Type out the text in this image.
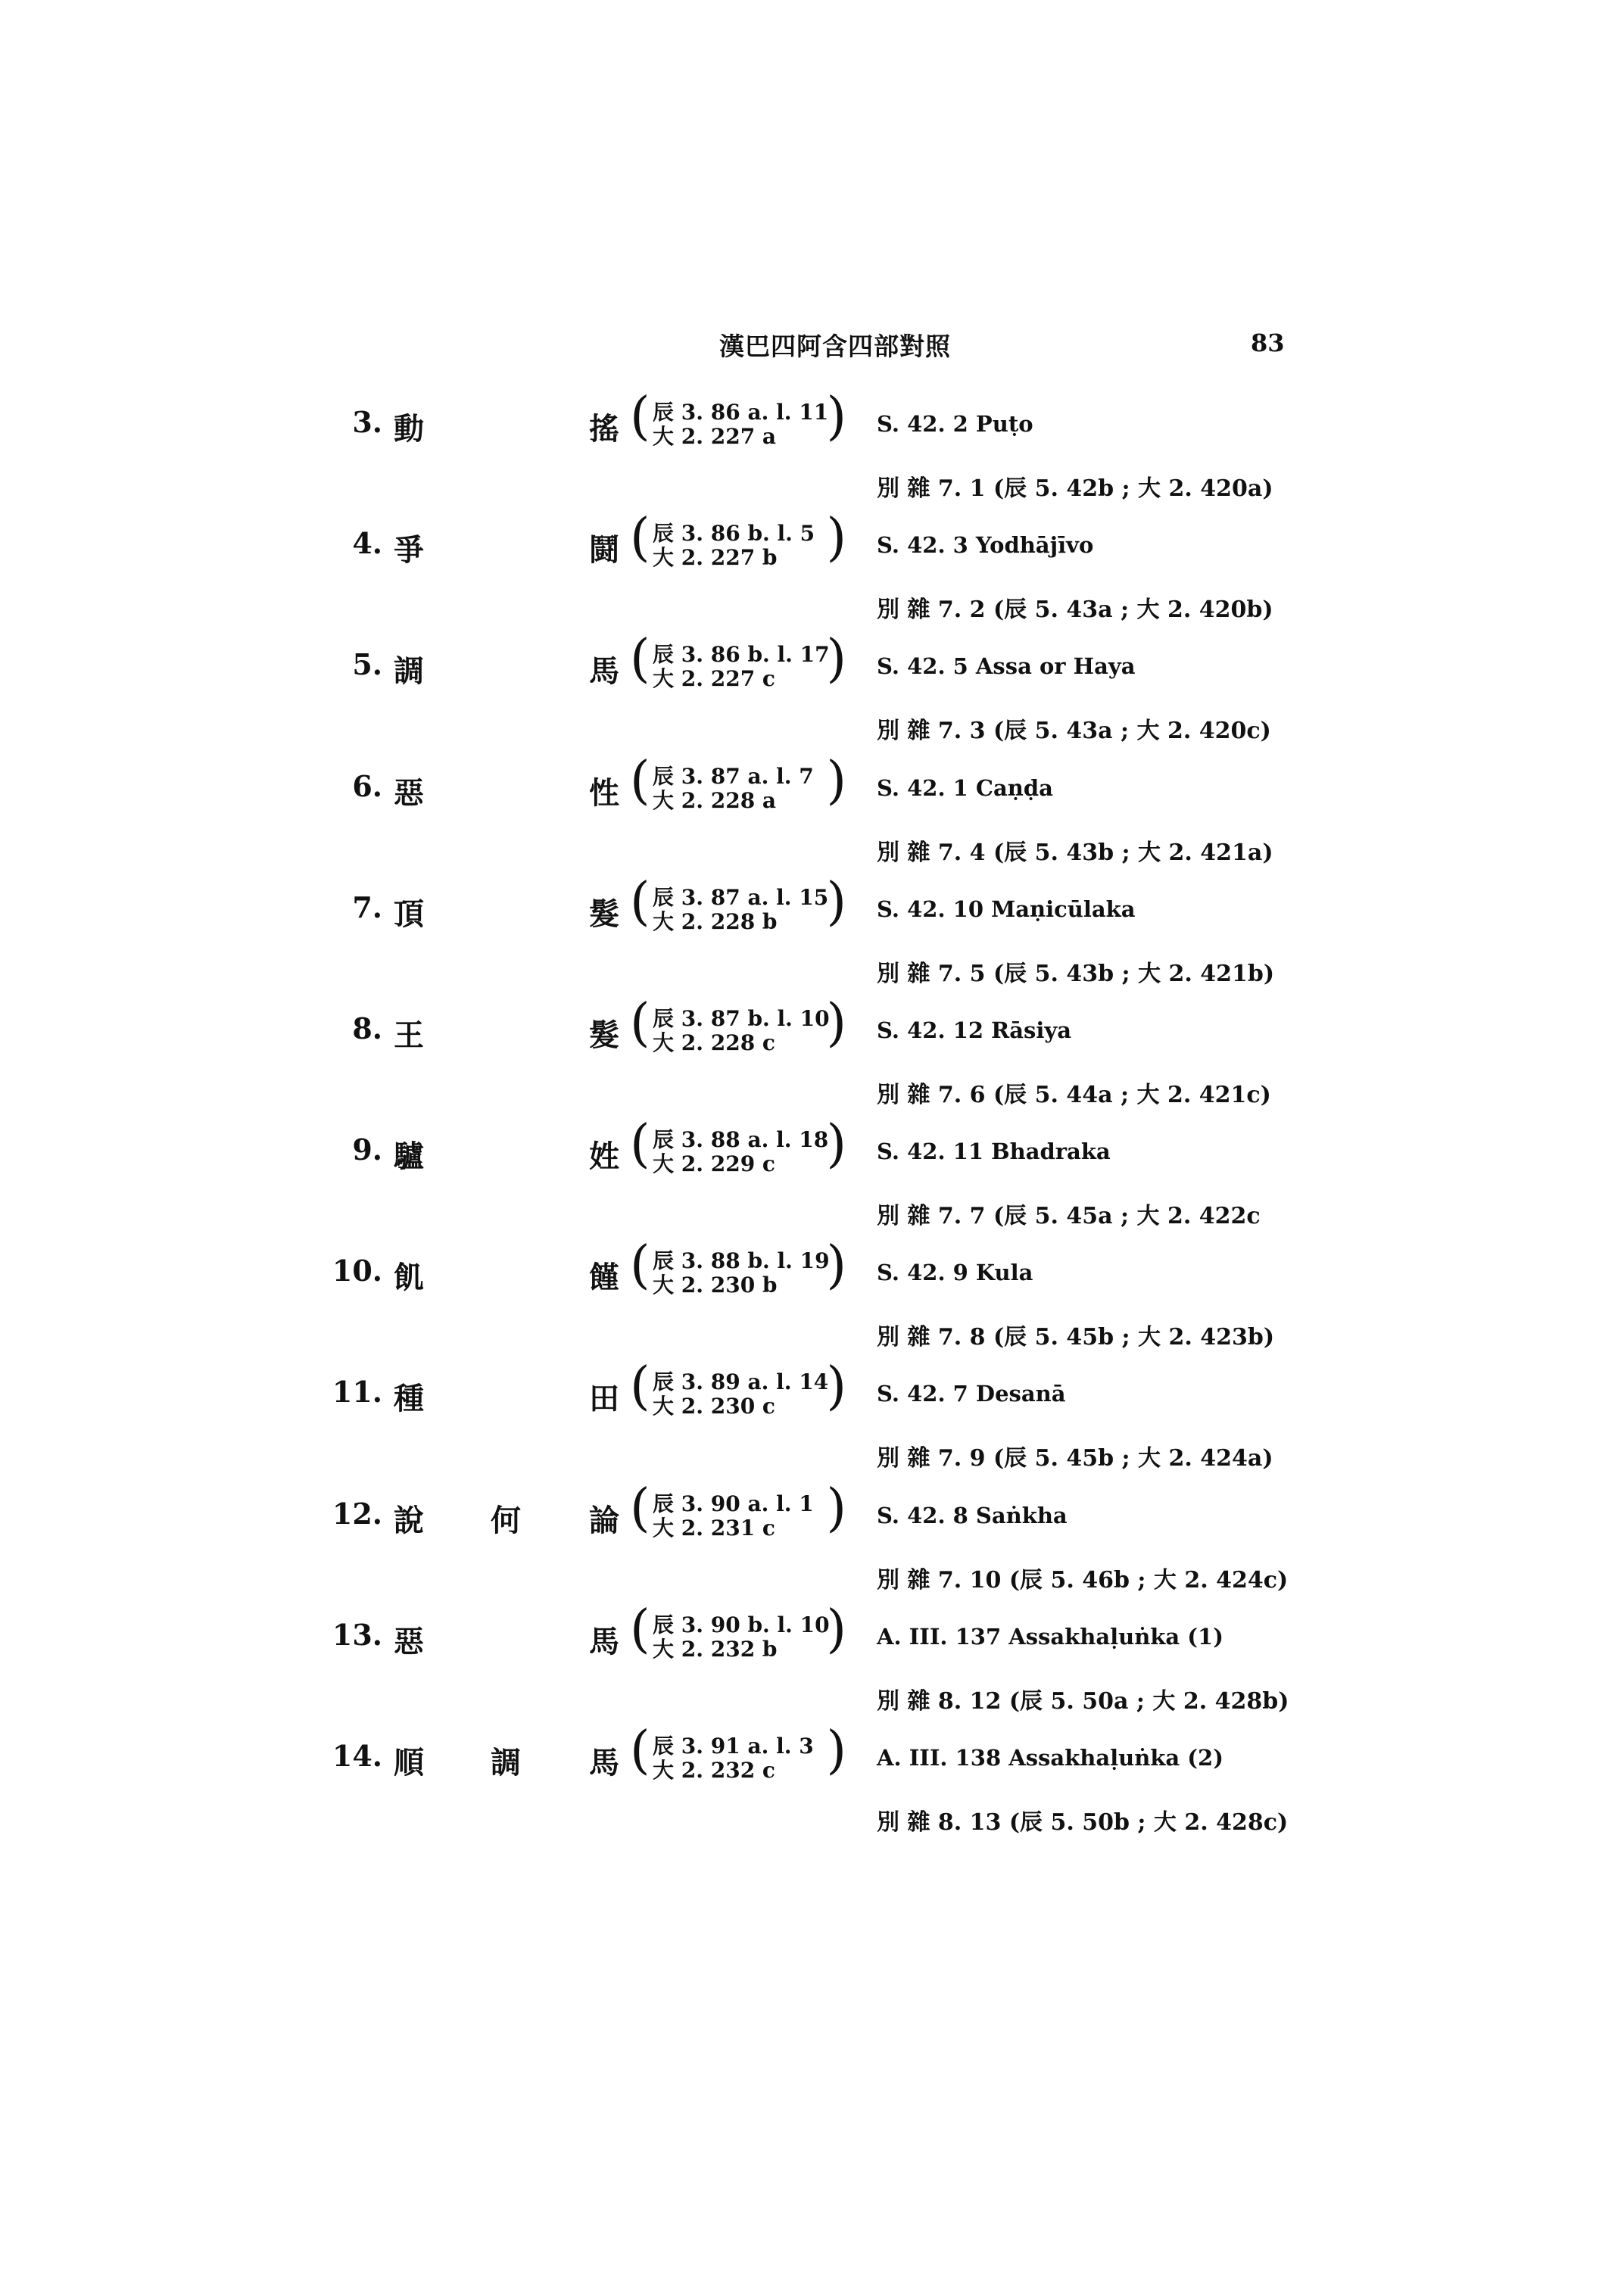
漢巴四阿含四部對照	83
3. 動	搖 ( 辰 3. 86 a. l. 11
大 2. 227 a ) S. 42. 2 Puṭo
別 雜 7. 1 (辰 5. 42b ; 大 2. 420a)
4. 爭	鬪 ( 辰 3. 86 b. l. 5
大 2. 227 b ) S. 42. 3 Yodhājīvo
別 雜 7. 2 (辰 5. 43a ; 大 2. 420b)
5. 調	馬 ( 辰 3. 86 b. l. 17
大 2. 227 c ) S. 42. 5 Assa or Haya
別 雜 7. 3 (辰 5. 43a ; 大 2. 420c)
6. 惡	性 ( 辰 3. 87 a. l. 7
大 2. 228 a ) S. 42. 1 Caṇḍa
別 雜 7. 4 (辰 5. 43b ; 大 2. 421a)
7. 頂	髮 ( 辰 3. 87 a. l. 15
大 2. 228 b ) S. 42. 10 Maṇicūlaka
別 雜 7. 5 (辰 5. 43b ; 大 2. 421b)
8. 王	髮 ( 辰 3. 87 b. l. 10
大 2. 228 c ) S. 42. 12 Rāsiya
別 雜 7. 6 (辰 5. 44a ; 大 2. 421c)
9. 驢	姓 ( 辰 3. 88 a. l. 18
大 2. 229 c ) S. 42. 11 Bhadraka
別 雜 7. 7 (辰 5. 45a ; 大 2. 422c
10. 飢	饉 ( 辰 3. 88 b. l. 19
大 2. 230 b ) S. 42. 9 Kula
別 雜 7. 8 (辰 5. 45b ; 大 2. 423b)
11. 種	田 ( 辰 3. 89 a. l. 14
大 2. 230 c ) S. 42. 7 Desanā
別 雜 7. 9 (辰 5. 45b ; 大 2. 424a)
12. 說 何 論 ( 辰 3. 90 a. l. 1
大 2. 231 c ) S. 42. 8 Saṅkha
別 雜 7. 10 (辰 5. 46b ; 大 2. 424c)
13. 惡	馬 ( 辰 3. 90 b. l. 10
大 2. 232 b ) A. III. 137 Assakhaḷuṅka (1)
別 雜 8. 12 (辰 5. 50a ; 大 2. 428b)
14. 順 調 馬 ( 辰 3. 91 a. l. 3
大 2. 232 c ) A. III. 138 Assakhaḷuṅka (2)
別 雜 8. 13 (辰 5. 50b ; 大 2. 428c)
